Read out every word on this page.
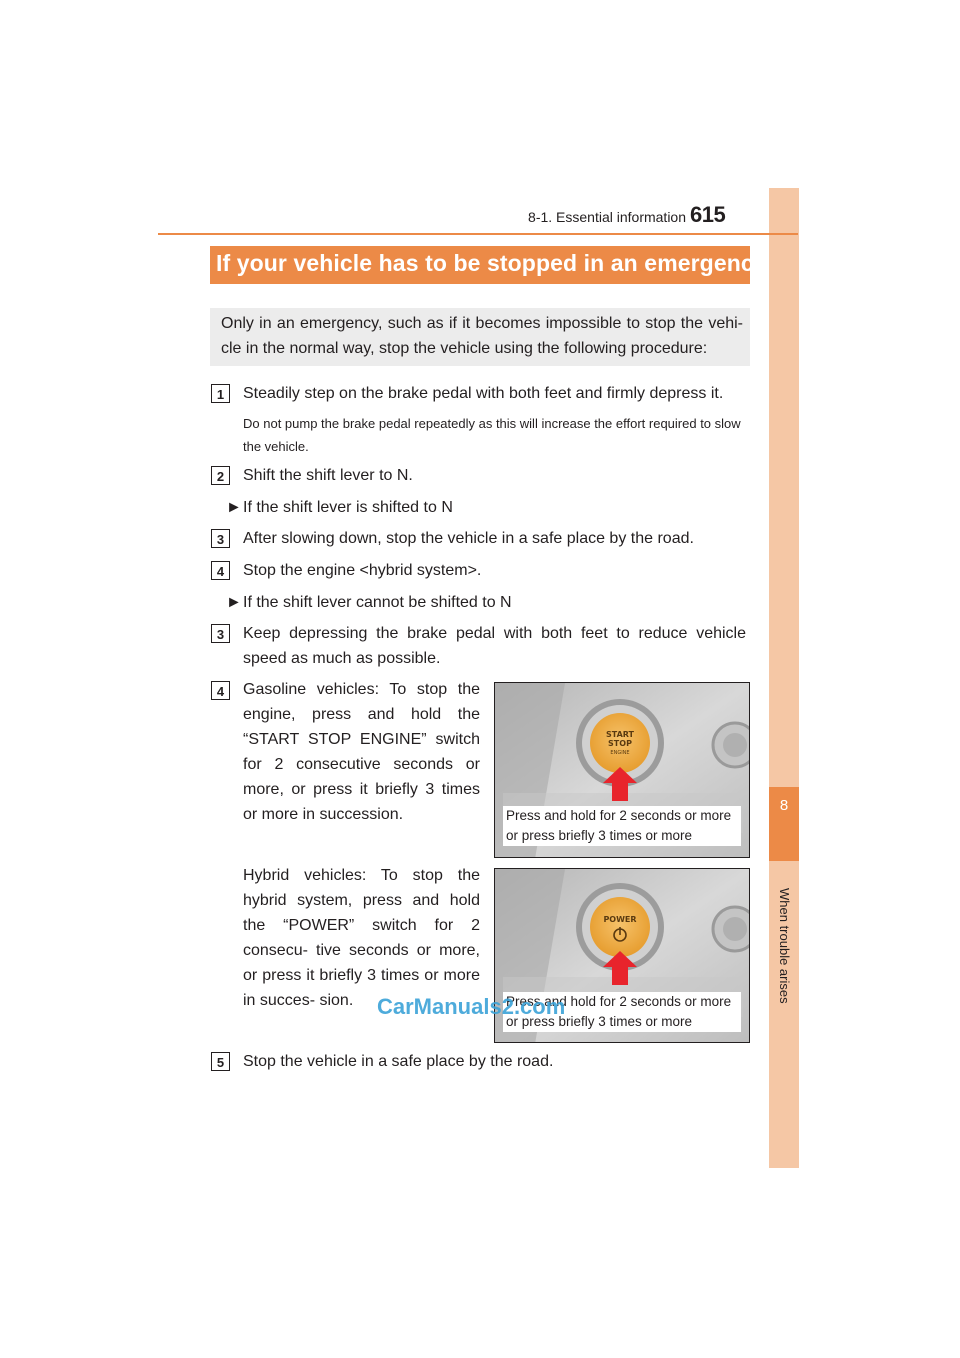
8
When trouble arises
8-1. Essential information 615
If your vehicle has to be stopped in an emergency
Only in an emergency, such as if it becomes impossible to stop the vehi- cle in the normal way, stop the vehicle using the following procedure:
1	Steadily step on the brake pedal with both feet and firmly depress it.
Do not pump the brake pedal repeatedly as this will increase the effort required to slow the vehicle.
2	Shift the shift lever to N.
► If the shift lever is shifted to N
3	After slowing down, stop the vehicle in a safe place by the road.
4	Stop the engine <hybrid system>.
► If the shift lever cannot be shifted to N
3	Keep depressing the brake pedal with both feet to reduce vehicle speed as much as possible.
4	Gasoline vehicles: To stop the engine, press and hold the “START STOP ENGINE” switch for 2 consecutive seconds or more, or press it briefly 3 times or more in succession.
Hybrid vehicles: To stop the hybrid system, press and hold the “POWER” switch for 2 consecu- tive seconds or more, or press it briefly 3 times or more in succes- sion.
START
STOP
ENGINE
Press and hold for 2 seconds or more or press briefly 3 times or more
POWER
Press and hold for 2 seconds or more or press briefly 3 times or more
CarManuals2.com
5	Stop the vehicle in a safe place by the road.
